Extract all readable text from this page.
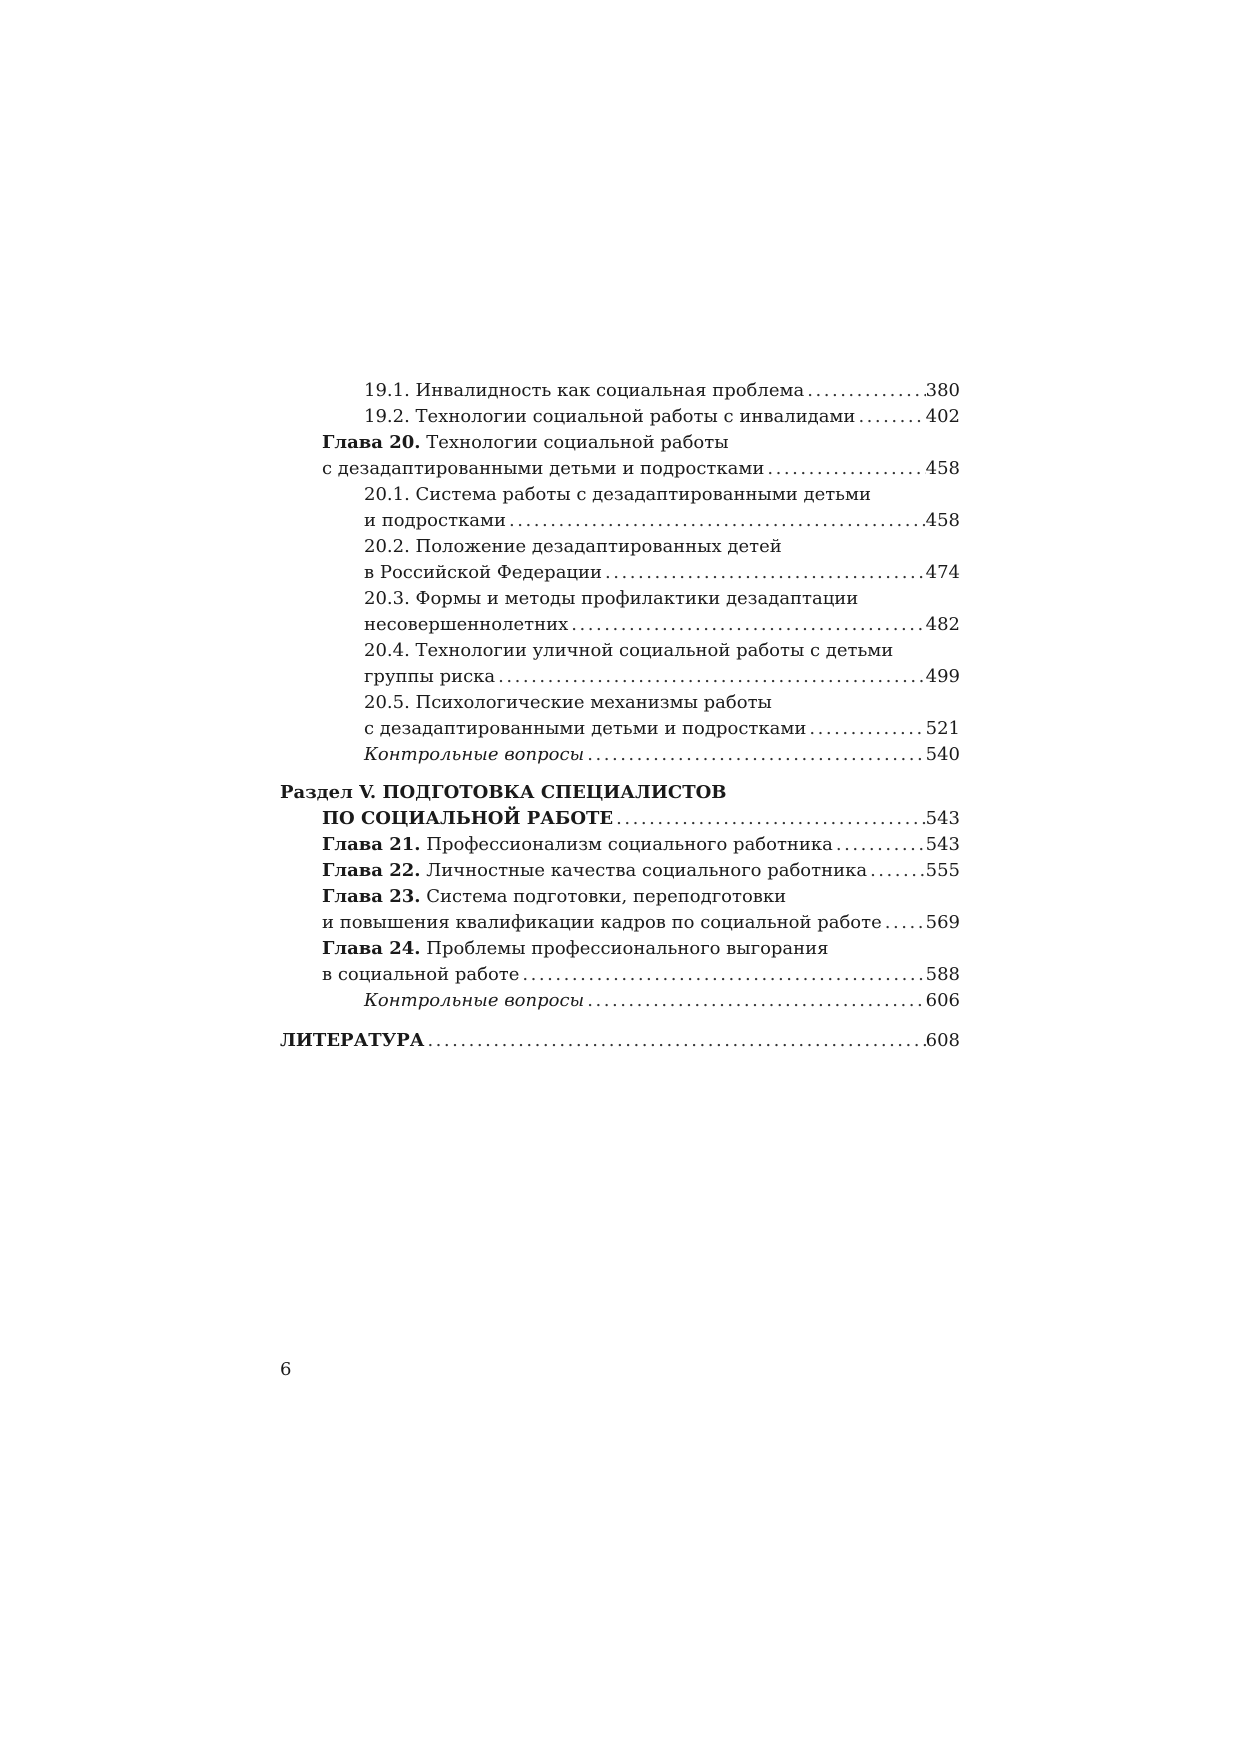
19.1. Инвалидность как социальная проблема . . .	380
19.2. Технологии социальной работы с инвалидами . . .	402
Глава 20. Технологии социальной работы
с дезадаптированными детьми и подростками . . .	458
20.1. Система работы с дезадаптированными детьми
и подростками . . .	458
20.2. Положение дезадаптированных детей
в Российской Федерации . . .	474
20.3. Формы и методы профилактики дезадаптации
несовершеннолетних . . .	482
20.4. Технологии уличной социальной работы с детьми
группы риска . . .	499
20.5. Психологические механизмы работы
с дезадаптированными детьми и подростками . . .	521
Контрольные вопросы . . .	540
Раздел V. ПОДГОТОВКА СПЕЦИАЛИСТОВ
ПО СОЦИАЛЬНОЙ РАБОТЕ . . .	543
Глава 21. Профессионализм социального работника . . .	543
Глава 22. Личностные качества социального работника . . .	555
Глава 23. Система подготовки, переподготовки
и повышения квалификации кадров по социальной работе . . . 569
Глава 24. Проблемы профессионального выгорания
в социальной работе . . .	588
Контрольные вопросы . . .	606
ЛИТЕРАТУРА . . .	608
6
